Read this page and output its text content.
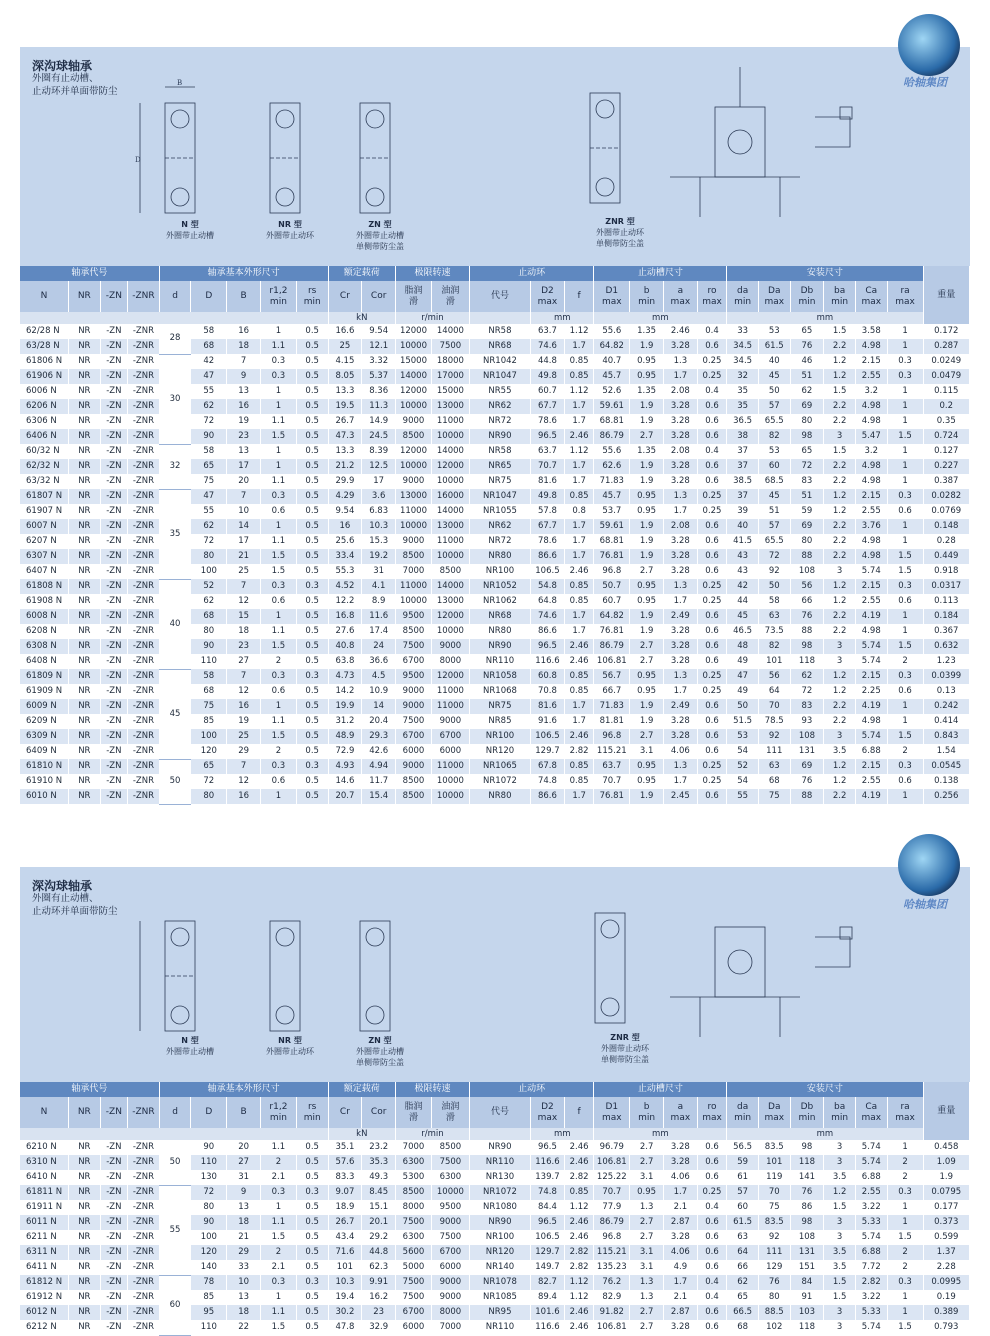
深沟球轴承
外圈有止动槽、
止动环并单面带防尘
哈轴集团
D
B
N 型
外圈带止动槽
NR 型
外圈带止动环
ZN 型
外圈带止动槽
单侧带防尘盖
ZNR 型
外圈带止动环
单侧带防尘盖
轴承代号				轴承基本外形尺寸					额定载荷		极限转速		止动环			止动槽尺寸				安装尺寸						重量
N	NR	-ZN	-ZNR	d	D	B	r1,2
min	rs
min	Cr	Cor	脂润
滑	油润
滑	代号	D2
max	f	D1
max	b
min	a
max	ro
max	da
min	Da
max	Db
min	ba
min	Ca
max	ra
max	
									kN		r/min			mm		mm				mm						
62/28 N	NR	-ZN	-ZNR	28	58	16	1	0.5	16.6	9.54	12000	14000	NR58	63.7	1.12	55.6	1.35	2.46	0.4	33	53	65	1.5	3.58	1	0.172
63/28 N	NR	-ZN	-ZNR		68	18	1.1	0.5	25	12.1	10000	7500	NR68	74.6	1.7	64.82	1.9	3.28	0.6	34.5	61.5	76	2.2	4.98	1	0.287
61806 N	NR	-ZN	-ZNR	30	42	7	0.3	0.5	4.15	3.32	15000	18000	NR1042	44.8	0.85	40.7	0.95	1.3	0.25	34.5	40	46	1.2	2.15	0.3	0.0249
61906 N	NR	-ZN	-ZNR		47	9	0.3	0.5	8.05	5.37	14000	17000	NR1047	49.8	0.85	45.7	0.95	1.7	0.25	32	45	51	1.2	2.55	0.3	0.0479
6006 N	NR	-ZN	-ZNR		55	13	1	0.5	13.3	8.36	12000	15000	NR55	60.7	1.12	52.6	1.35	2.08	0.4	35	50	62	1.5	3.2	1	0.115
6206 N	NR	-ZN	-ZNR		62	16	1	0.5	19.5	11.3	10000	13000	NR62	67.7	1.7	59.61	1.9	3.28	0.6	35	57	69	2.2	4.98	1	0.2
6306 N	NR	-ZN	-ZNR		72	19	1.1	0.5	26.7	14.9	9000	11000	NR72	78.6	1.7	68.81	1.9	3.28	0.6	36.5	65.5	80	2.2	4.98	1	0.35
6406 N	NR	-ZN	-ZNR		90	23	1.5	0.5	47.3	24.5	8500	10000	NR90	96.5	2.46	86.79	2.7	3.28	0.6	38	82	98	3	5.47	1.5	0.724
60/32 N	NR	-ZN	-ZNR	32	58	13	1	0.5	13.3	8.39	12000	14000	NR58	63.7	1.12	55.6	1.35	2.08	0.4	37	53	65	1.5	3.2	1	0.127
62/32 N	NR	-ZN	-ZNR		65	17	1	0.5	21.2	12.5	10000	12000	NR65	70.7	1.7	62.6	1.9	3.28	0.6	37	60	72	2.2	4.98	1	0.227
63/32 N	NR	-ZN	-ZNR		75	20	1.1	0.5	29.9	17	9000	10000	NR75	81.6	1.7	71.83	1.9	3.28	0.6	38.5	68.5	83	2.2	4.98	1	0.387
61807 N	NR	-ZN	-ZNR	35	47	7	0.3	0.5	4.29	3.6	13000	16000	NR1047	49.8	0.85	45.7	0.95	1.3	0.25	37	45	51	1.2	2.15	0.3	0.0282
61907 N	NR	-ZN	-ZNR		55	10	0.6	0.5	9.54	6.83	11000	14000	NR1055	57.8	0.8	53.7	0.95	1.7	0.25	39	51	59	1.2	2.55	0.6	0.0769
6007 N	NR	-ZN	-ZNR		62	14	1	0.5	16	10.3	10000	13000	NR62	67.7	1.7	59.61	1.9	2.08	0.6	40	57	69	2.2	3.76	1	0.148
6207 N	NR	-ZN	-ZNR		72	17	1.1	0.5	25.6	15.3	9000	11000	NR72	78.6	1.7	68.81	1.9	3.28	0.6	41.5	65.5	80	2.2	4.98	1	0.28
6307 N	NR	-ZN	-ZNR		80	21	1.5	0.5	33.4	19.2	8500	10000	NR80	86.6	1.7	76.81	1.9	3.28	0.6	43	72	88	2.2	4.98	1.5	0.449
6407 N	NR	-ZN	-ZNR		100	25	1.5	0.5	55.3	31	7000	8500	NR100	106.5	2.46	96.8	2.7	3.28	0.6	43	92	108	3	5.74	1.5	0.918
61808 N	NR	-ZN	-ZNR	40	52	7	0.3	0.3	4.52	4.1	11000	14000	NR1052	54.8	0.85	50.7	0.95	1.3	0.25	42	50	56	1.2	2.15	0.3	0.0317
61908 N	NR	-ZN	-ZNR		62	12	0.6	0.5	12.2	8.9	10000	13000	NR1062	64.8	0.85	60.7	0.95	1.7	0.25	44	58	66	1.2	2.55	0.6	0.113
6008 N	NR	-ZN	-ZNR		68	15	1	0.5	16.8	11.6	9500	12000	NR68	74.6	1.7	64.82	1.9	2.49	0.6	45	63	76	2.2	4.19	1	0.184
6208 N	NR	-ZN	-ZNR		80	18	1.1	0.5	27.6	17.4	8500	10000	NR80	86.6	1.7	76.81	1.9	3.28	0.6	46.5	73.5	88	2.2	4.98	1	0.367
6308 N	NR	-ZN	-ZNR		90	23	1.5	0.5	40.8	24	7500	9000	NR90	96.5	2.46	86.79	2.7	3.28	0.6	48	82	98	3	5.74	1.5	0.632
6408 N	NR	-ZN	-ZNR		110	27	2	0.5	63.8	36.6	6700	8000	NR110	116.6	2.46	106.81	2.7	3.28	0.6	49	101	118	3	5.74	2	1.23
61809 N	NR	-ZN	-ZNR	45	58	7	0.3	0.3	4.73	4.5	9500	12000	NR1058	60.8	0.85	56.7	0.95	1.3	0.25	47	56	62	1.2	2.15	0.3	0.0399
61909 N	NR	-ZN	-ZNR		68	12	0.6	0.5	14.2	10.9	9000	11000	NR1068	70.8	0.85	66.7	0.95	1.7	0.25	49	64	72	1.2	2.25	0.6	0.13
6009 N	NR	-ZN	-ZNR		75	16	1	0.5	19.9	14	9000	11000	NR75	81.6	1.7	71.83	1.9	2.49	0.6	50	70	83	2.2	4.19	1	0.242
6209 N	NR	-ZN	-ZNR		85	19	1.1	0.5	31.2	20.4	7500	9000	NR85	91.6	1.7	81.81	1.9	3.28	0.6	51.5	78.5	93	2.2	4.98	1	0.414
6309 N	NR	-ZN	-ZNR		100	25	1.5	0.5	48.9	29.3	6700	6700	NR100	106.5	2.46	96.8	2.7	3.28	0.6	53	92	108	3	5.74	1.5	0.843
6409 N	NR	-ZN	-ZNR		120	29	2	0.5	72.9	42.6	6000	6000	NR120	129.7	2.82	115.21	3.1	4.06	0.6	54	111	131	3.5	6.88	2	1.54
61810 N	NR	-ZN	-ZNR	50	65	7	0.3	0.3	4.93	4.94	9000	11000	NR1065	67.8	0.85	63.7	0.95	1.3	0.25	52	63	69	1.2	2.15	0.3	0.0545
61910 N	NR	-ZN	-ZNR		72	12	0.6	0.5	14.6	11.7	8500	10000	NR1072	74.8	0.85	70.7	0.95	1.7	0.25	54	68	76	1.2	2.55	0.6	0.138
6010 N	NR	-ZN	-ZNR		80	16	1	0.5	20.7	15.4	8500	10000	NR80	86.6	1.7	76.81	1.9	2.45	0.6	55	75	88	2.2	4.19	1	0.256
深沟球轴承
外圈有止动槽、
止动环并单面带防尘
哈轴集团
N 型
外圈带止动槽
NR 型
外圈带止动环
ZN 型
外圈带止动槽
单侧带防尘盖
ZNR 型
外圈带止动环
单侧带防尘盖
轴承代号				轴承基本外形尺寸					额定载荷		极限转速		止动环			止动槽尺寸				安装尺寸						重量
N	NR	-ZN	-ZNR	d	D	B	r1,2
min	rs
min	Cr	Cor	脂润
滑	油润
滑	代号	D2
max	f	D1
max	b
min	a
max	ro
max	da
min	Da
max	Db
min	ba
min	Ca
max	ra
max	
									kN		r/min			mm		mm				mm						
6210 N	NR	-ZN	-ZNR	50	90	20	1.1	0.5	35.1	23.2	7000	8500	NR90	96.5	2.46	96.79	2.7	3.28	0.6	56.5	83.5	98	3	5.74	1	0.458
6310 N	NR	-ZN	-ZNR		110	27	2	0.5	57.6	35.3	6300	7500	NR110	116.6	2.46	106.81	2.7	3.28	0.6	59	101	118	3	5.74	2	1.09
6410 N	NR	-ZN	-ZNR		130	31	2.1	0.5	83.3	49.3	5300	6300	NR130	139.7	2.82	125.22	3.1	4.06	0.6	61	119	141	3.5	6.88	2	1.9
61811 N	NR	-ZN	-ZNR	55	72	9	0.3	0.3	9.07	8.45	8500	10000	NR1072	74.8	0.85	70.7	0.95	1.7	0.25	57	70	76	1.2	2.55	0.3	0.0795
61911 N	NR	-ZN	-ZNR		80	13	1	0.5	18.9	15.1	8000	9500	NR1080	84.4	1.12	77.9	1.3	2.1	0.4	60	75	86	1.5	3.22	1	0.177
6011 N	NR	-ZN	-ZNR		90	18	1.1	0.5	26.7	20.1	7500	9000	NR90	96.5	2.46	86.79	2.7	2.87	0.6	61.5	83.5	98	3	5.33	1	0.373
6211 N	NR	-ZN	-ZNR		100	21	1.5	0.5	43.4	29.2	6300	7500	NR100	106.5	2.46	96.8	2.7	3.28	0.6	63	92	108	3	5.74	1.5	0.599
6311 N	NR	-ZN	-ZNR		120	29	2	0.5	71.6	44.8	5600	6700	NR120	129.7	2.82	115.21	3.1	4.06	0.6	64	111	131	3.5	6.88	2	1.37
6411 N	NR	-ZN	-ZNR		140	33	2.1	0.5	101	62.3	5000	6000	NR140	149.7	2.82	135.23	3.1	4.9	0.6	66	129	151	3.5	7.72	2	2.28
61812 N	NR	-ZN	-ZNR	60	78	10	0.3	0.3	10.3	9.91	7500	9000	NR1078	82.7	1.12	76.2	1.3	1.7	0.4	62	76	84	1.5	2.82	0.3	0.0995
61912 N	NR	-ZN	-ZNR		85	13	1	0.5	19.4	16.2	7500	9000	NR1085	89.4	1.12	82.9	1.3	2.1	0.4	65	80	91	1.5	3.22	1	0.19
6012 N	NR	-ZN	-ZNR		95	18	1.1	0.5	30.2	23	6700	8000	NR95	101.6	2.46	91.82	2.7	2.87	0.6	66.5	88.5	103	3	5.33	1	0.389
6212 N	NR	-ZN	-ZNR		110	22	1.5	0.5	47.8	32.9	6000	7000	NR110	116.6	2.46	106.81	2.7	3.28	0.6	68	102	118	3	5.74	1.5	0.793
